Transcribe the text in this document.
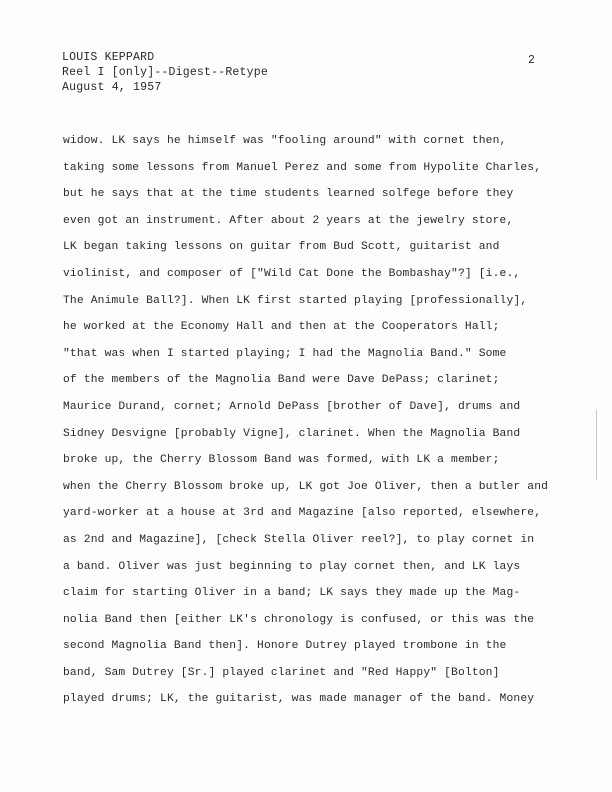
LOUIS KEPPARD
Reel I [only]--Digest--Retype
August 4, 1957
2
widow. LK says he himself was "fooling around" with cornet then,
taking some lessons from Manuel Perez and some from Hypolite Charles,
but he says that at the time students learned solfege before they
even got an instrument. After about 2 years at the jewelry store,
LK began taking lessons on guitar from Bud Scott, guitarist and
violinist, and composer of ["Wild Cat Done the Bombashay"?] [i.e.,
The Animule Ball?]. When LK first started playing [professionally],
he worked at the Economy Hall and then at the Cooperators Hall;
"that was when I started playing; I had the Magnolia Band." Some
of the members of the Magnolia Band were Dave DePass; clarinet;
Maurice Durand, cornet; Arnold DePass [brother of Dave], drums and
Sidney Desvigne [probably Vigne], clarinet. When the Magnolia Band
broke up, the Cherry Blossom Band was formed, with LK a member;
when the Cherry Blossom broke up, LK got Joe Oliver, then a butler and
yard-worker at a house at 3rd and Magazine [also reported, elsewhere,
as 2nd and Magazine], [check Stella Oliver reel?], to play cornet in
a band. Oliver was just beginning to play cornet then, and LK lays
claim for starting Oliver in a band; LK says they made up the Mag-
nolia Band then [either LK's chronology is confused, or this was the
second Magnolia Band then]. Honore Dutrey played trombone in the
band, Sam Dutrey [Sr.] played clarinet and "Red Happy" [Bolton]
played drums; LK, the guitarist, was made manager of the band. Money
